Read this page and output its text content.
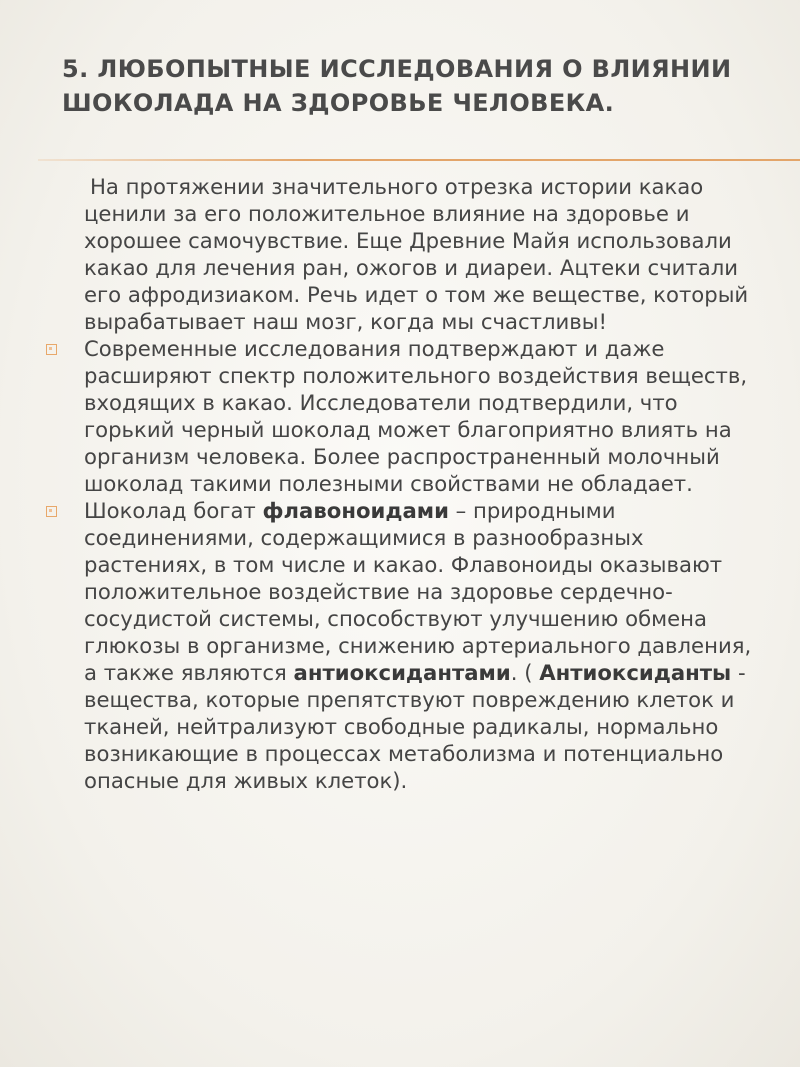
5. ЛЮБОПЫТНЫЕ ИССЛЕДОВАНИЯ О ВЛИЯНИИ ШОКОЛАДА НА ЗДОРОВЬЕ ЧЕЛОВЕКА.

На протяжении значительного отрезка истории какао ценили за его положительное влияние на здоровье и хорошее самочувствие. Еще Древние Майя использовали какао для лечения ран, ожогов и диареи. Ацтеки считали его афродизиаком. Речь идет о том же веществе, который вырабатывает наш мозг, когда мы счастливы!

Современные исследования подтверждают и даже расширяют спектр положительного воздействия веществ, входящих в какао. Исследователи подтвердили, что горький черный шоколад может благоприятно влиять на организм человека. Более распространенный молочный шоколад такими полезными свойствами не обладает.

Шоколад богат флавоноидами – природными соединениями, содержащимися в разнообразных растениях, в том числе и какао. Флавоноиды оказывают положительное воздействие на здоровье сердечно-сосудистой системы, способствуют улучшению обмена глюкозы в организме, снижению артериального давления, а также являются антиоксидантами. ( Антиоксиданты - вещества, которые препятствуют повреждению клеток и тканей, нейтрализуют свободные радикалы, нормально возникающие в процессах метаболизма и потенциально опасные для живых клеток).
